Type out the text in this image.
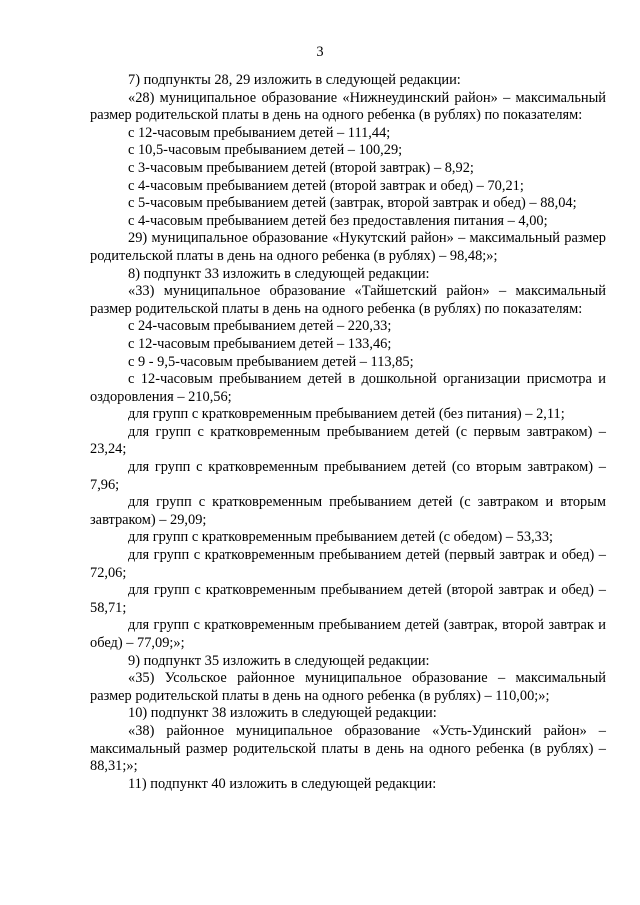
3

7) подпункты 28, 29 изложить в следующей редакции:

«28) муниципальное образование «Нижнеудинский район» – максимальный размер родительской платы в день на одного ребенка (в рублях) по показателям:

с 12-часовым пребыванием детей – 111,44;

с 10,5-часовым пребыванием детей – 100,29;

с 3-часовым пребыванием детей (второй завтрак) – 8,92;

с 4-часовым пребыванием детей (второй завтрак и обед) – 70,21;

с 5-часовым пребыванием детей (завтрак, второй завтрак и обед) – 88,04;

с 4-часовым пребыванием детей без предоставления питания – 4,00;

29) муниципальное образование «Нукутский район» – максимальный размер родительской платы в день на одного ребенка (в рублях) – 98,48;»;

8) подпункт 33 изложить в следующей редакции:

«33) муниципальное образование «Тайшетский район» – максимальный размер родительской платы в день на одного ребенка (в рублях) по показателям:

с 24-часовым пребыванием детей – 220,33;

с 12-часовым пребыванием детей – 133,46;

с 9 - 9,5-часовым пребыванием детей – 113,85;

с 12-часовым пребыванием детей в дошкольной организации присмотра и оздоровления – 210,56;

для групп с кратковременным пребыванием детей (без питания) – 2,11;

для групп с кратковременным пребыванием детей (с первым завтраком) – 23,24;

для групп с кратковременным пребыванием детей (со вторым завтраком) – 7,96;

для групп с кратковременным пребыванием детей (с завтраком и вторым завтраком) – 29,09;

для групп с кратковременным пребыванием детей (с обедом) – 53,33;

для групп с кратковременным пребыванием детей (первый завтрак и обед) – 72,06;

для групп с кратковременным пребыванием детей (второй завтрак и обед) – 58,71;

для групп с кратковременным пребыванием детей (завтрак, второй завтрак и обед) – 77,09;»;

9) подпункт 35 изложить в следующей редакции:

«35) Усольское районное муниципальное образование – максимальный размер родительской платы в день на одного ребенка (в рублях) – 110,00;»;

10) подпункт 38 изложить в следующей редакции:

«38) районное муниципальное образование «Усть-Удинский район» – максимальный размер родительской платы в день на одного ребенка (в рублях) – 88,31;»;

11) подпункт 40 изложить в следующей редакции:
